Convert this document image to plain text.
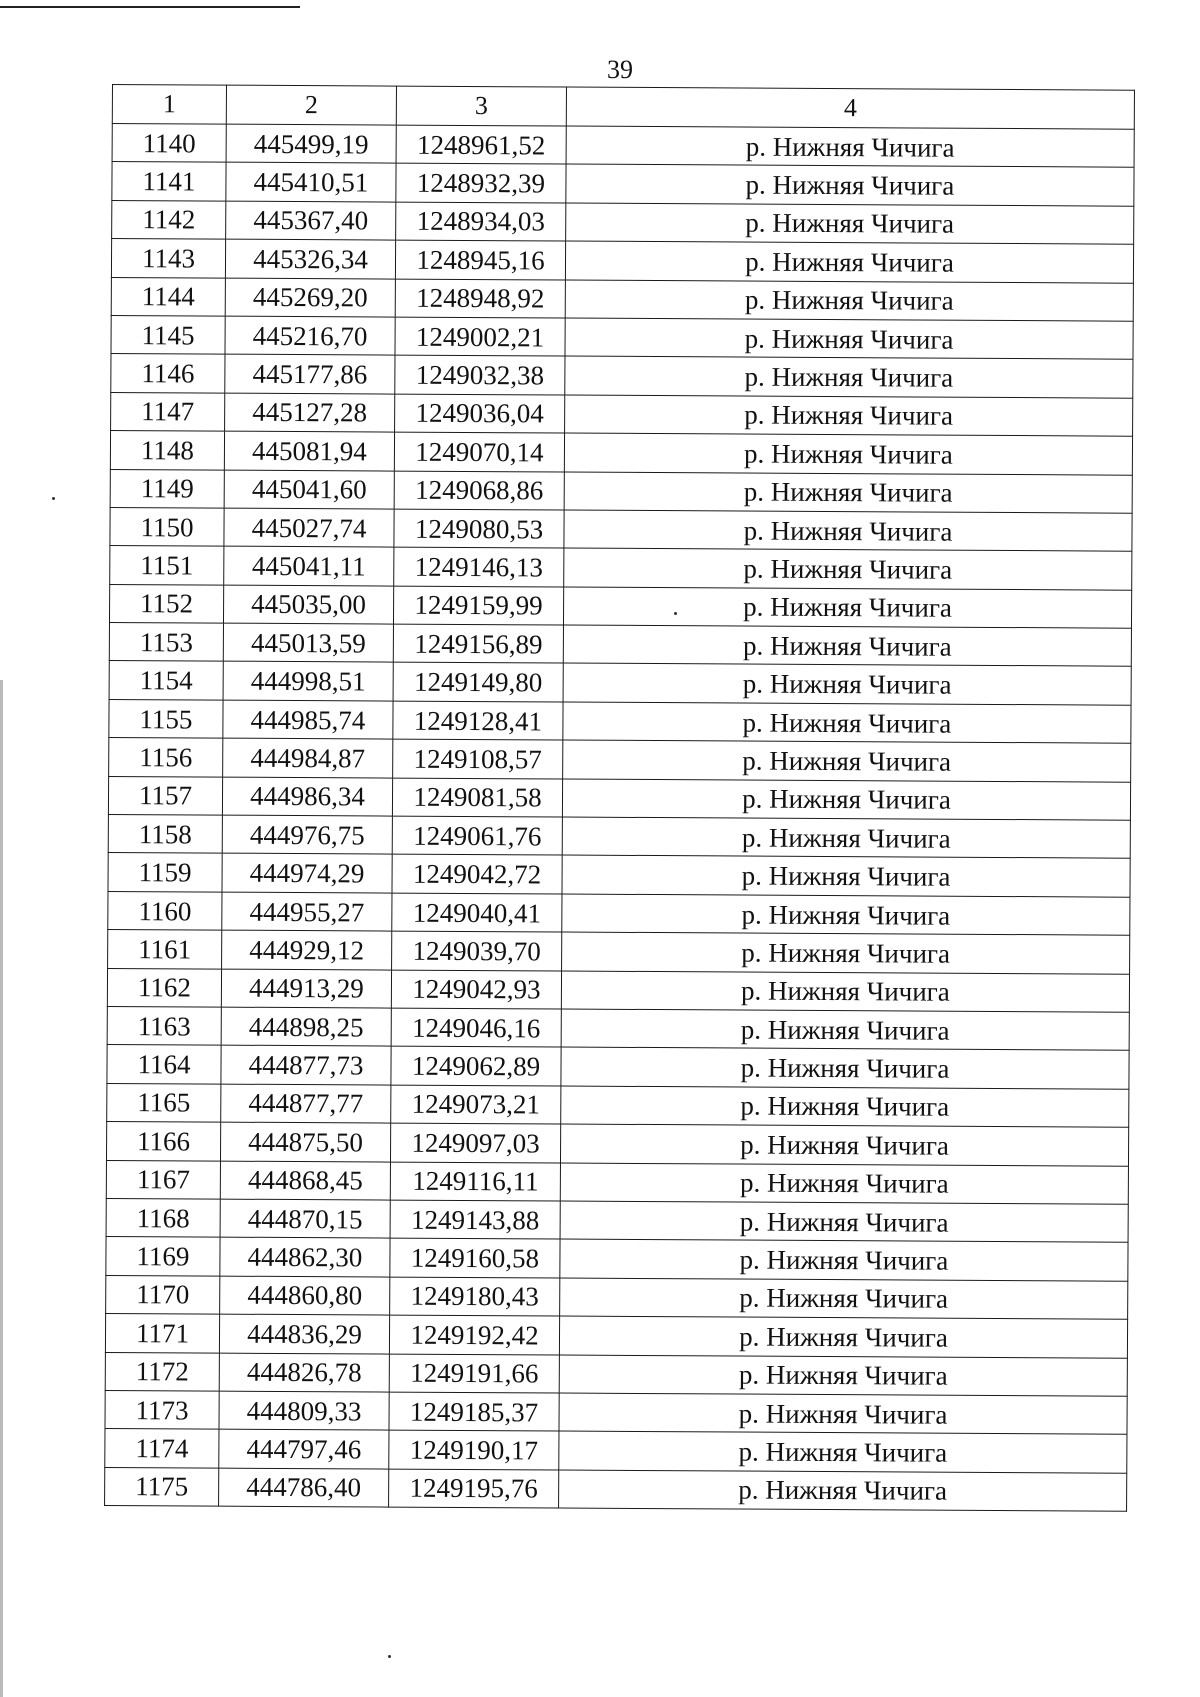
39
1	2	3	4
1140	445499,19	1248961,52	р. Нижняя Чичига
1141	445410,51	1248932,39	р. Нижняя Чичига
1142	445367,40	1248934,03	р. Нижняя Чичига
1143	445326,34	1248945,16	р. Нижняя Чичига
1144	445269,20	1248948,92	р. Нижняя Чичига
1145	445216,70	1249002,21	р. Нижняя Чичига
1146	445177,86	1249032,38	р. Нижняя Чичига
1147	445127,28	1249036,04	р. Нижняя Чичига
1148	445081,94	1249070,14	р. Нижняя Чичига
1149	445041,60	1249068,86	р. Нижняя Чичига
1150	445027,74	1249080,53	р. Нижняя Чичига
1151	445041,11	1249146,13	р. Нижняя Чичига
1152	445035,00	1249159,99	р. Нижняя Чичига
1153	445013,59	1249156,89	р. Нижняя Чичига
1154	444998,51	1249149,80	р. Нижняя Чичига
1155	444985,74	1249128,41	р. Нижняя Чичига
1156	444984,87	1249108,57	р. Нижняя Чичига
1157	444986,34	1249081,58	р. Нижняя Чичига
1158	444976,75	1249061,76	р. Нижняя Чичига
1159	444974,29	1249042,72	р. Нижняя Чичига
1160	444955,27	1249040,41	р. Нижняя Чичига
1161	444929,12	1249039,70	р. Нижняя Чичига
1162	444913,29	1249042,93	р. Нижняя Чичига
1163	444898,25	1249046,16	р. Нижняя Чичига
1164	444877,73	1249062,89	р. Нижняя Чичига
1165	444877,77	1249073,21	р. Нижняя Чичига
1166	444875,50	1249097,03	р. Нижняя Чичига
1167	444868,45	1249116,11	р. Нижняя Чичига
1168	444870,15	1249143,88	р. Нижняя Чичига
1169	444862,30	1249160,58	р. Нижняя Чичига
1170	444860,80	1249180,43	р. Нижняя Чичига
1171	444836,29	1249192,42	р. Нижняя Чичига
1172	444826,78	1249191,66	р. Нижняя Чичига
1173	444809,33	1249185,37	р. Нижняя Чичига
1174	444797,46	1249190,17	р. Нижняя Чичига
1175	444786,40	1249195,76	р. Нижняя Чичига
